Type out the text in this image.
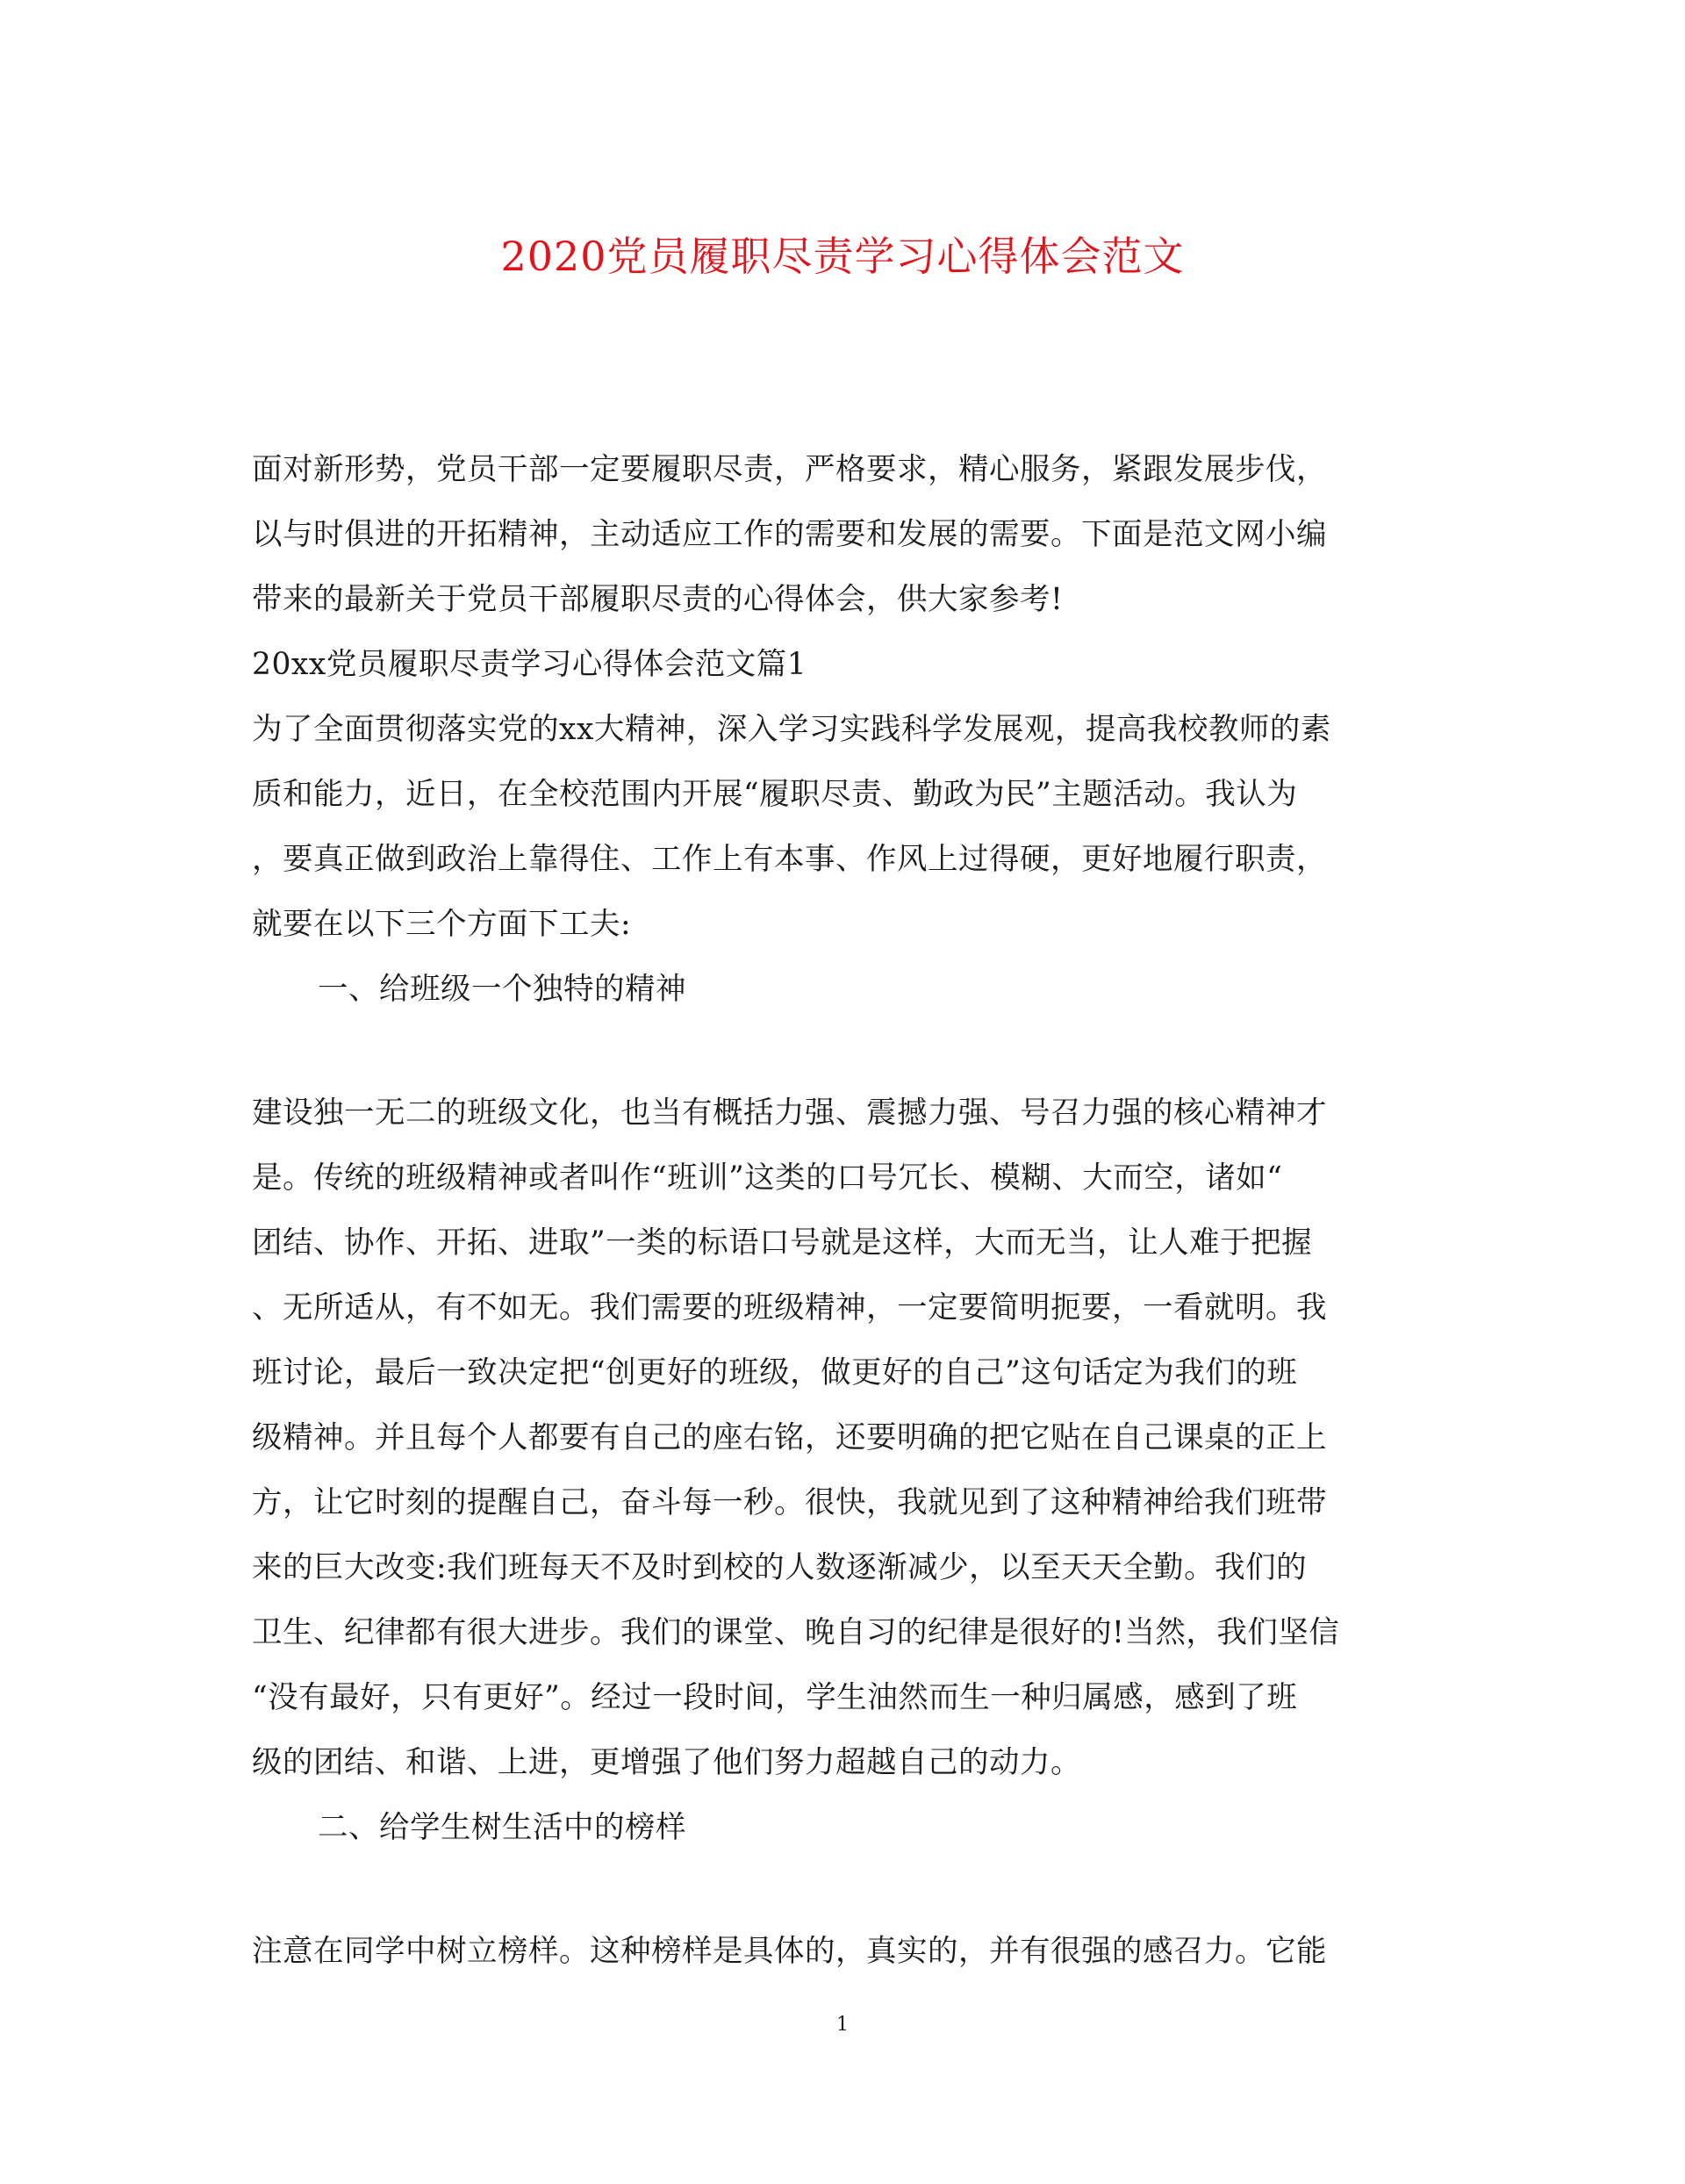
2020党员履职尽责学习心得体会范文
面对新形势，党员干部一定要履职尽责，严格要求，精心服务，紧跟发展步伐，
以与时俱进的开拓精神，主动适应工作的需要和发展的需要。下面是范文网小编
带来的最新关于党员干部履职尽责的心得体会，供大家参考!
20xx党员履职尽责学习心得体会范文篇1
为了全面贯彻落实党的xx大精神，深入学习实践科学发展观，提高我校教师的素
质和能力，近日，在全校范围内开展“履职尽责、勤政为民”主题活动。我认为
，要真正做到政治上靠得住、工作上有本事、作风上过得硬，更好地履行职责，
就要在以下三个方面下工夫:
一、给班级一个独特的精神
建设独一无二的班级文化，也当有概括力强、震撼力强、号召力强的核心精神才
是。传统的班级精神或者叫作“班训”这类的口号冗长、模糊、大而空，诸如“
团结、协作、开拓、进取”一类的标语口号就是这样，大而无当，让人难于把握
、无所适从，有不如无。我们需要的班级精神，一定要简明扼要，一看就明。我
班讨论，最后一致决定把“创更好的班级，做更好的自己”这句话定为我们的班
级精神。并且每个人都要有自己的座右铭，还要明确的把它贴在自己课桌的正上
方，让它时刻的提醒自己，奋斗每一秒。很快，我就见到了这种精神给我们班带
来的巨大改变:我们班每天不及时到校的人数逐渐减少，以至天天全勤。我们的
卫生、纪律都有很大进步。我们的课堂、晚自习的纪律是很好的!当然，我们坚信
“没有最好，只有更好”。经过一段时间，学生油然而生一种归属感，感到了班
级的团结、和谐、上进，更增强了他们努力超越自己的动力。
二、给学生树生活中的榜样
注意在同学中树立榜样。这种榜样是具体的，真实的，并有很强的感召力。它能
1
